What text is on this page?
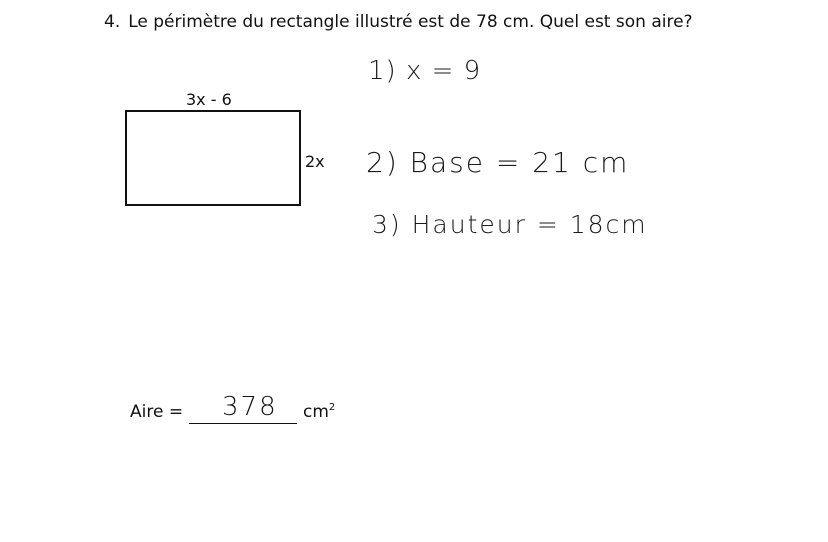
4. Le périmètre du rectangle illustré est de 78 cm. Quel est son aire?
3x - 6
2x
1) x = 9
2) Base = 21 cm
3) Hauteur = 18cm
Aire = 378 $cm^2$
